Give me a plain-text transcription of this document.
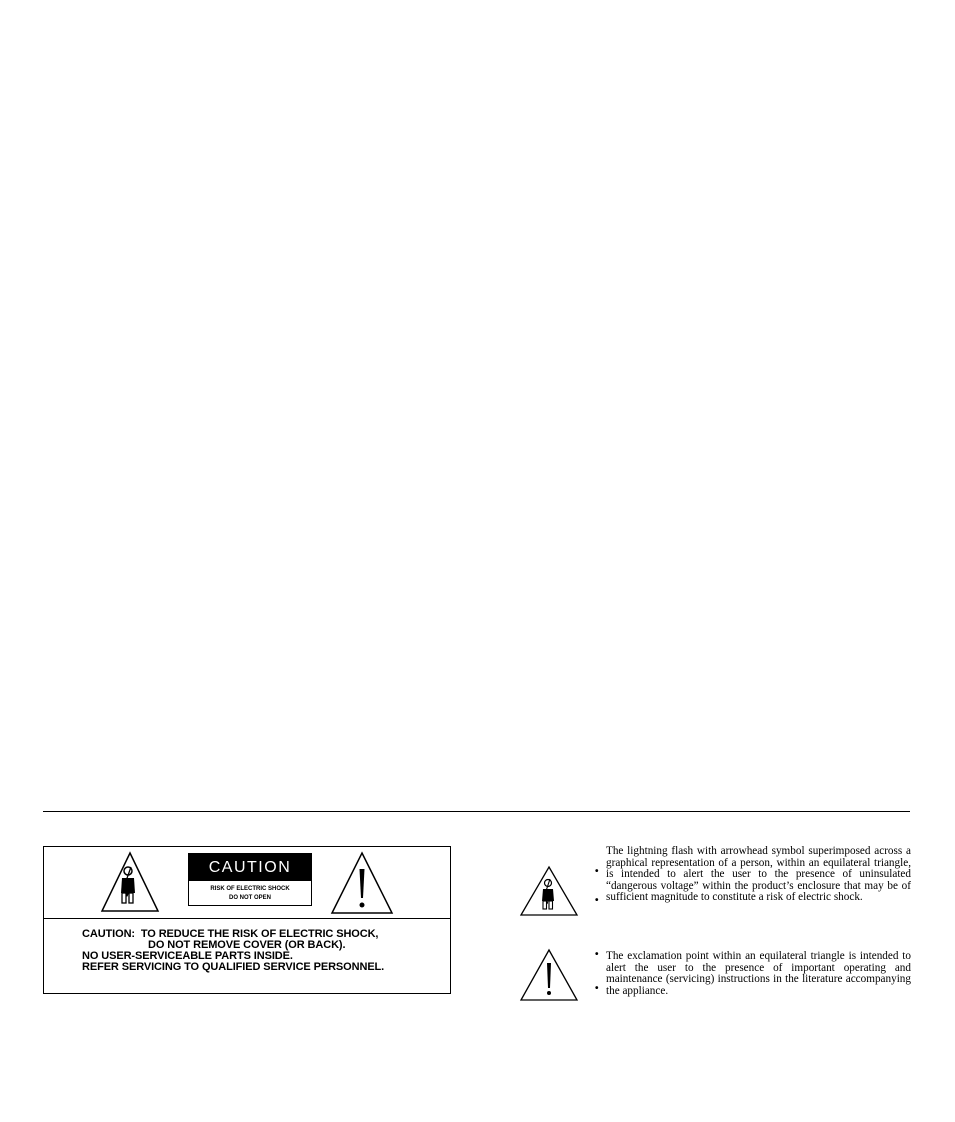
CAUTION
RISK OF ELECTRIC SHOCK
DO NOT OPEN
CAUTION:  TO REDUCE THE RISK OF ELECTRIC SHOCK,
DO NOT REMOVE COVER (OR BACK).
NO USER-SERVICEABLE PARTS INSIDE.
REFER SERVICING TO QUALIFIED SERVICE PERSONNEL.
•
•
The lightning flash with arrowhead symbol superimposed across a graphical representation of a person, within an equilateral triangle, is intended to alert the user to the presence of uninsulated “dangerous voltage” within the product’s enclosure that may be of sufficient magnitude to constitute a risk of electric shock.
•
•
The exclamation point within an equilateral triangle is intended to alert the user to the presence of important operating and maintenance (servicing) instructions in the literature accompanying the appliance.
